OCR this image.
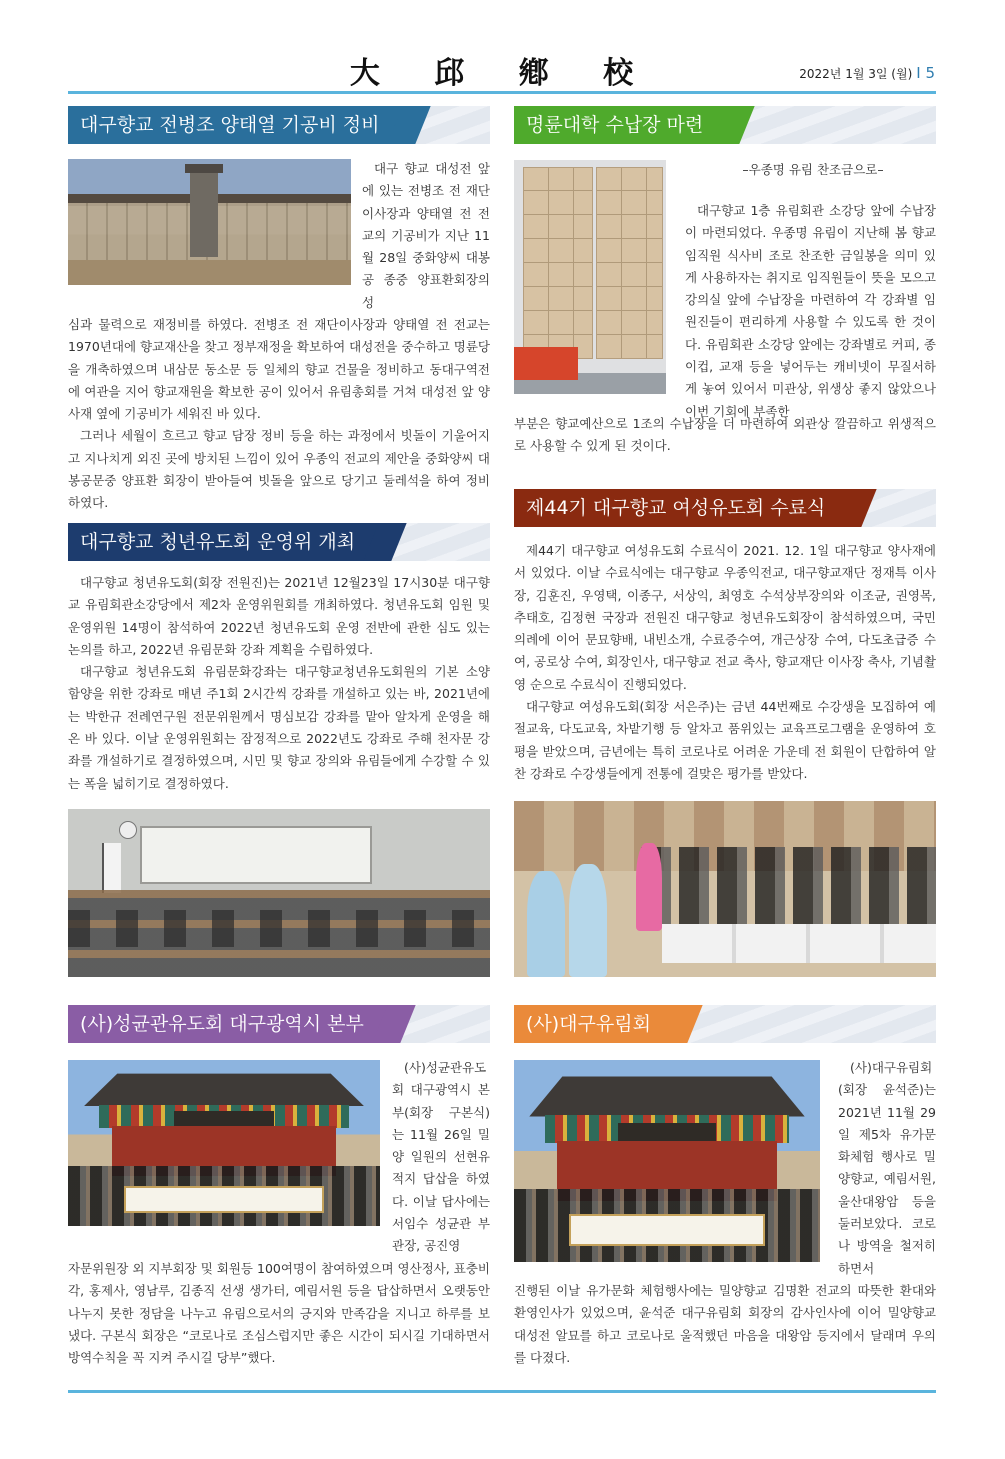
大 邱 鄕 校	2022년 1월 3일 (월) I 5
대구향교 전병조 양태열 기공비 정비

대구 향교 대성전 앞에 있는 전병조 전 재단이사장과 양태열 전 전교의 기공비가 지난 11월 28일 중화양씨 대봉공 종중 양표환회장의 성

심과 물력으로 재정비를 하였다. 전병조 전 재단이사장과 양태열 전 전교는 1970년대에 향교재산을 찾고 정부재정을 확보하여 대성전을 중수하고 명륜당을 개축하였으며 내삼문 동소문 등 일체의 향교 건물을 정비하고 동대구역전에 여관을 지어 향교재원을 확보한 공이 있어서 유림총회를 거쳐 대성전 앞 양사재 옆에 기공비가 세워진 바 있다.

그러나 세월이 흐르고 향교 담장 정비 등을 하는 과정에서 빗돌이 기울어지고 지나치게 외진 곳에 방치된 느낌이 있어 우종익 전교의 제안을 중화양씨 대봉공문중 양표환 회장이 받아들여 빗돌을 앞으로 당기고 둘레석을 하여 정비하였다.

명륜대학 수납장 마련
–우종명 유림 찬조금으로–

대구향교 1층 유림회관 소강당 앞에 수납장이 마련되었다. 우종명 유림이 지난해 봄 향교 임직원 식사비 조로 찬조한 금일봉을 의미 있게 사용하자는 취지로 임직원들이 뜻을 모으고 강의실 앞에 수납장을 마련하여 각 강좌별 임원진들이 편리하게 사용할 수 있도록 한 것이다. 유림회관 소강당 앞에는 강좌별로 커피, 종이컵, 교재 등을 넣어두는 캐비넷이 무질서하게 놓여 있어서 미관상, 위생상 좋지 않았으나 이번 기회에 부족한

부분은 향교예산으로 1조의 수납장을 더 마련하여 외관상 깔끔하고 위생적으로 사용할 수 있게 된 것이다.

대구향교 청년유도회 운영위 개최

대구향교 청년유도회(회장 전원진)는 2021년 12월23일 17시30분 대구향교 유림회관소강당에서 제2차 운영위원회를 개최하였다. 청년유도회 임원 및 운영위원 14명이 참석하여 2022년 청년유도회 운영 전반에 관한 심도 있는 논의를 하고, 2022년 유림문화 강좌 계획을 수립하였다.

대구향교 청년유도회 유림문화강좌는 대구향교청년유도회원의 기본 소양 함양을 위한 강좌로 매년 주1회 2시간씩 강좌를 개설하고 있는 바, 2021년에는 박한규 전례연구원 전문위원께서 명심보감 강좌를 맡아 알차게 운영을 해 온 바 있다. 이날 운영위원회는 잠정적으로 2022년도 강좌로 주해 천자문 강좌를 개설하기로 결정하였으며, 시민 및 향교 장의와 유림들에게 수강할 수 있는 폭을 넓히기로 결정하였다.

제44기 대구향교 여성유도회 수료식

제44기 대구향교 여성유도회 수료식이 2021. 12. 1일 대구향교 양사재에서 있었다. 이날 수료식에는 대구향교 우종익전교, 대구향교재단 정재특 이사장, 김훈진, 우영택, 이종구, 서상익, 최영호 수석상부장의와 이조균, 권영목, 추태호, 김정현 국장과 전원진 대구향교 청년유도회장이 참석하였으며, 국민의례에 이어 문묘향배, 내빈소개, 수료증수여, 개근상장 수여, 다도초급증 수여, 공로상 수여, 회장인사, 대구향교 전교 축사, 향교재단 이사장 축사, 기념촬영 순으로 수료식이 진행되었다.

대구향교 여성유도회(회장 서은주)는 금년 44번째로 수강생을 모집하여 예절교육, 다도교육, 차밭기행 등 알차고 품위있는 교육프로그램을 운영하여 호평을 받았으며, 금년에는 특히 코로나로 어려운 가운데 전 회원이 단합하여 알찬 강좌로 수강생들에게 전통에 걸맞은 평가를 받았다.

(사)성균관유도회 대구광역시 본부

(사)성균관유도회 대구광역시 본부(회장 구본식)는 11월 26일 밀양 일원의 선현유적지 답삽을 하였다. 이날 답사에는 서임수 성균관 부관장, 공진영

자문위원장 외 지부회장 및 회원등 100여명이 참여하였으며 영산정사, 표충비각, 홍제사, 영남루, 김종직 선생 생가터, 예림서원 등을 답삽하면서 오랫동안 나누지 못한 정담을 나누고 유림으로서의 긍지와 만족감을 지니고 하루를 보냈다. 구본식 회장은 “코로나로 조심스럽지만 좋은 시간이 되시길 기대하면서 방역수칙을 꼭 지켜 주시길 당부”했다.

(사)대구유림회

(사)대구유림회(회장 윤석준)는 2021년 11월 29일 제5차 유가문화체험 행사로 밀양향교, 예림서원, 울산대왕암 등을 둘러보았다. 코로나 방역을 철저히 하면서

진행된 이날 유가문화 체험행사에는 밀양향교 김명환 전교의 따뜻한 환대와 환영인사가 있었으며, 윤석준 대구유림회 회장의 감사인사에 이어 밀양향교 대성전 알묘를 하고 코로나로 울적했던 마음을 대왕암 등지에서 달래며 우의를 다졌다.
